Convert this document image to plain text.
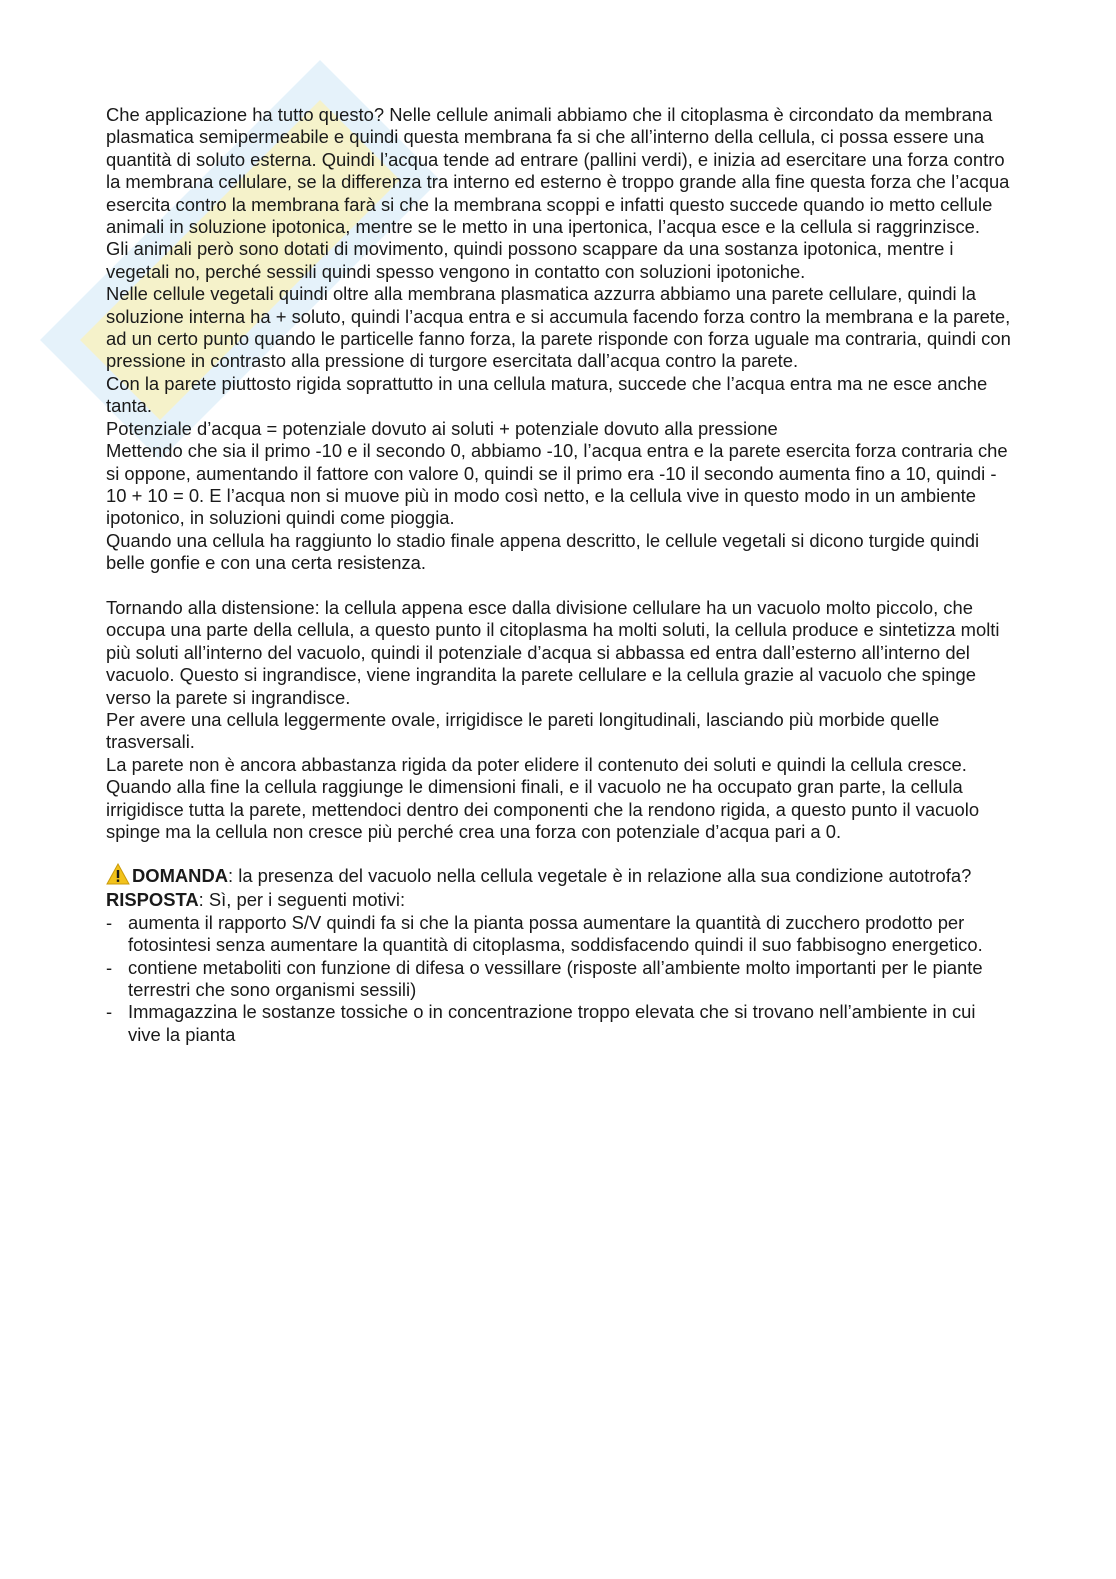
Che applicazione ha tutto questo? Nelle cellule animali abbiamo che il citoplasma è circondato da membrana plasmatica semipermeabile e quindi questa membrana fa si che all’interno della cellula, ci possa essere una quantità di soluto esterna. Quindi l’acqua tende ad entrare (pallini verdi), e inizia ad esercitare una forza contro la membrana cellulare, se la differenza tra interno ed esterno è troppo grande alla fine questa forza che l’acqua esercita contro la membrana farà si che la membrana scoppi e infatti questo succede quando io metto cellule animali in soluzione ipotonica, mentre se le metto in una ipertonica, l’acqua esce e la cellula si raggrinzisce.

Gli animali però sono dotati di movimento, quindi possono scappare da una sostanza ipotonica, mentre i vegetali no, perché sessili quindi spesso vengono in contatto con soluzioni ipotoniche.

Nelle cellule vegetali quindi oltre alla membrana plasmatica azzurra abbiamo una parete cellulare, quindi la soluzione interna ha + soluto, quindi l’acqua entra e si accumula facendo forza contro la membrana e la parete, ad un certo punto quando le particelle fanno forza, la parete risponde con forza uguale ma contraria, quindi con pressione in contrasto alla pressione di turgore esercitata dall’acqua contro la parete.

Con la parete piuttosto rigida soprattutto in una cellula matura, succede che l’acqua entra ma ne esce anche tanta.

Potenziale d’acqua = potenziale dovuto ai soluti + potenziale dovuto alla pressione

Mettendo che sia il primo -10 e il secondo 0, abbiamo -10, l’acqua entra e la parete esercita forza contraria che si oppone, aumentando il fattore con valore 0, quindi se il primo era -10 il secondo aumenta fino a 10, quindi - 10 + 10 = 0. E l’acqua non si muove più in modo così netto, e la cellula vive in questo modo in un ambiente ipotonico, in soluzioni quindi come pioggia.

Quando una cellula ha raggiunto lo stadio finale appena descritto, le cellule vegetali si dicono turgide quindi belle gonfie e con una certa resistenza.

Tornando alla distensione: la cellula appena esce dalla divisione cellulare ha un vacuolo molto piccolo, che occupa una parte della cellula, a questo punto il citoplasma ha molti soluti, la cellula produce e sintetizza molti più soluti all’interno del vacuolo, quindi il potenziale d’acqua si abbassa ed entra dall’esterno all’interno del vacuolo. Questo si ingrandisce, viene ingrandita la parete cellulare e la cellula grazie al vacuolo che spinge verso la parete si ingrandisce.

Per avere una cellula leggermente ovale, irrigidisce le pareti longitudinali, lasciando più morbide quelle trasversali.

La parete non è ancora abbastanza rigida da poter elidere il contenuto dei soluti e quindi la cellula cresce.

Quando alla fine la cellula raggiunge le dimensioni finali, e il vacuolo ne ha occupato gran parte, la cellula irrigidisce tutta la parete, mettendoci dentro dei componenti che la rendono rigida, a questo punto il vacuolo spinge ma la cellula non cresce più perché crea una forza con potenziale d’acqua pari a 0.

DOMANDA: la presenza del vacuolo nella cellula vegetale è in relazione alla sua condizione autotrofa?

RISPOSTA: Sì, per i seguenti motivi:

- aumenta il rapporto S/V quindi fa si che la pianta possa aumentare la quantità di zucchero prodotto per fotosintesi senza aumentare la quantità di citoplasma, soddisfacendo quindi il suo fabbisogno energetico.
- contiene metaboliti con funzione di difesa o vessillare (risposte all’ambiente molto importanti per le piante terrestri che sono organismi sessili)
- Immagazzina le sostanze tossiche o in concentrazione troppo elevata che si trovano nell’ambiente in cui vive la pianta
